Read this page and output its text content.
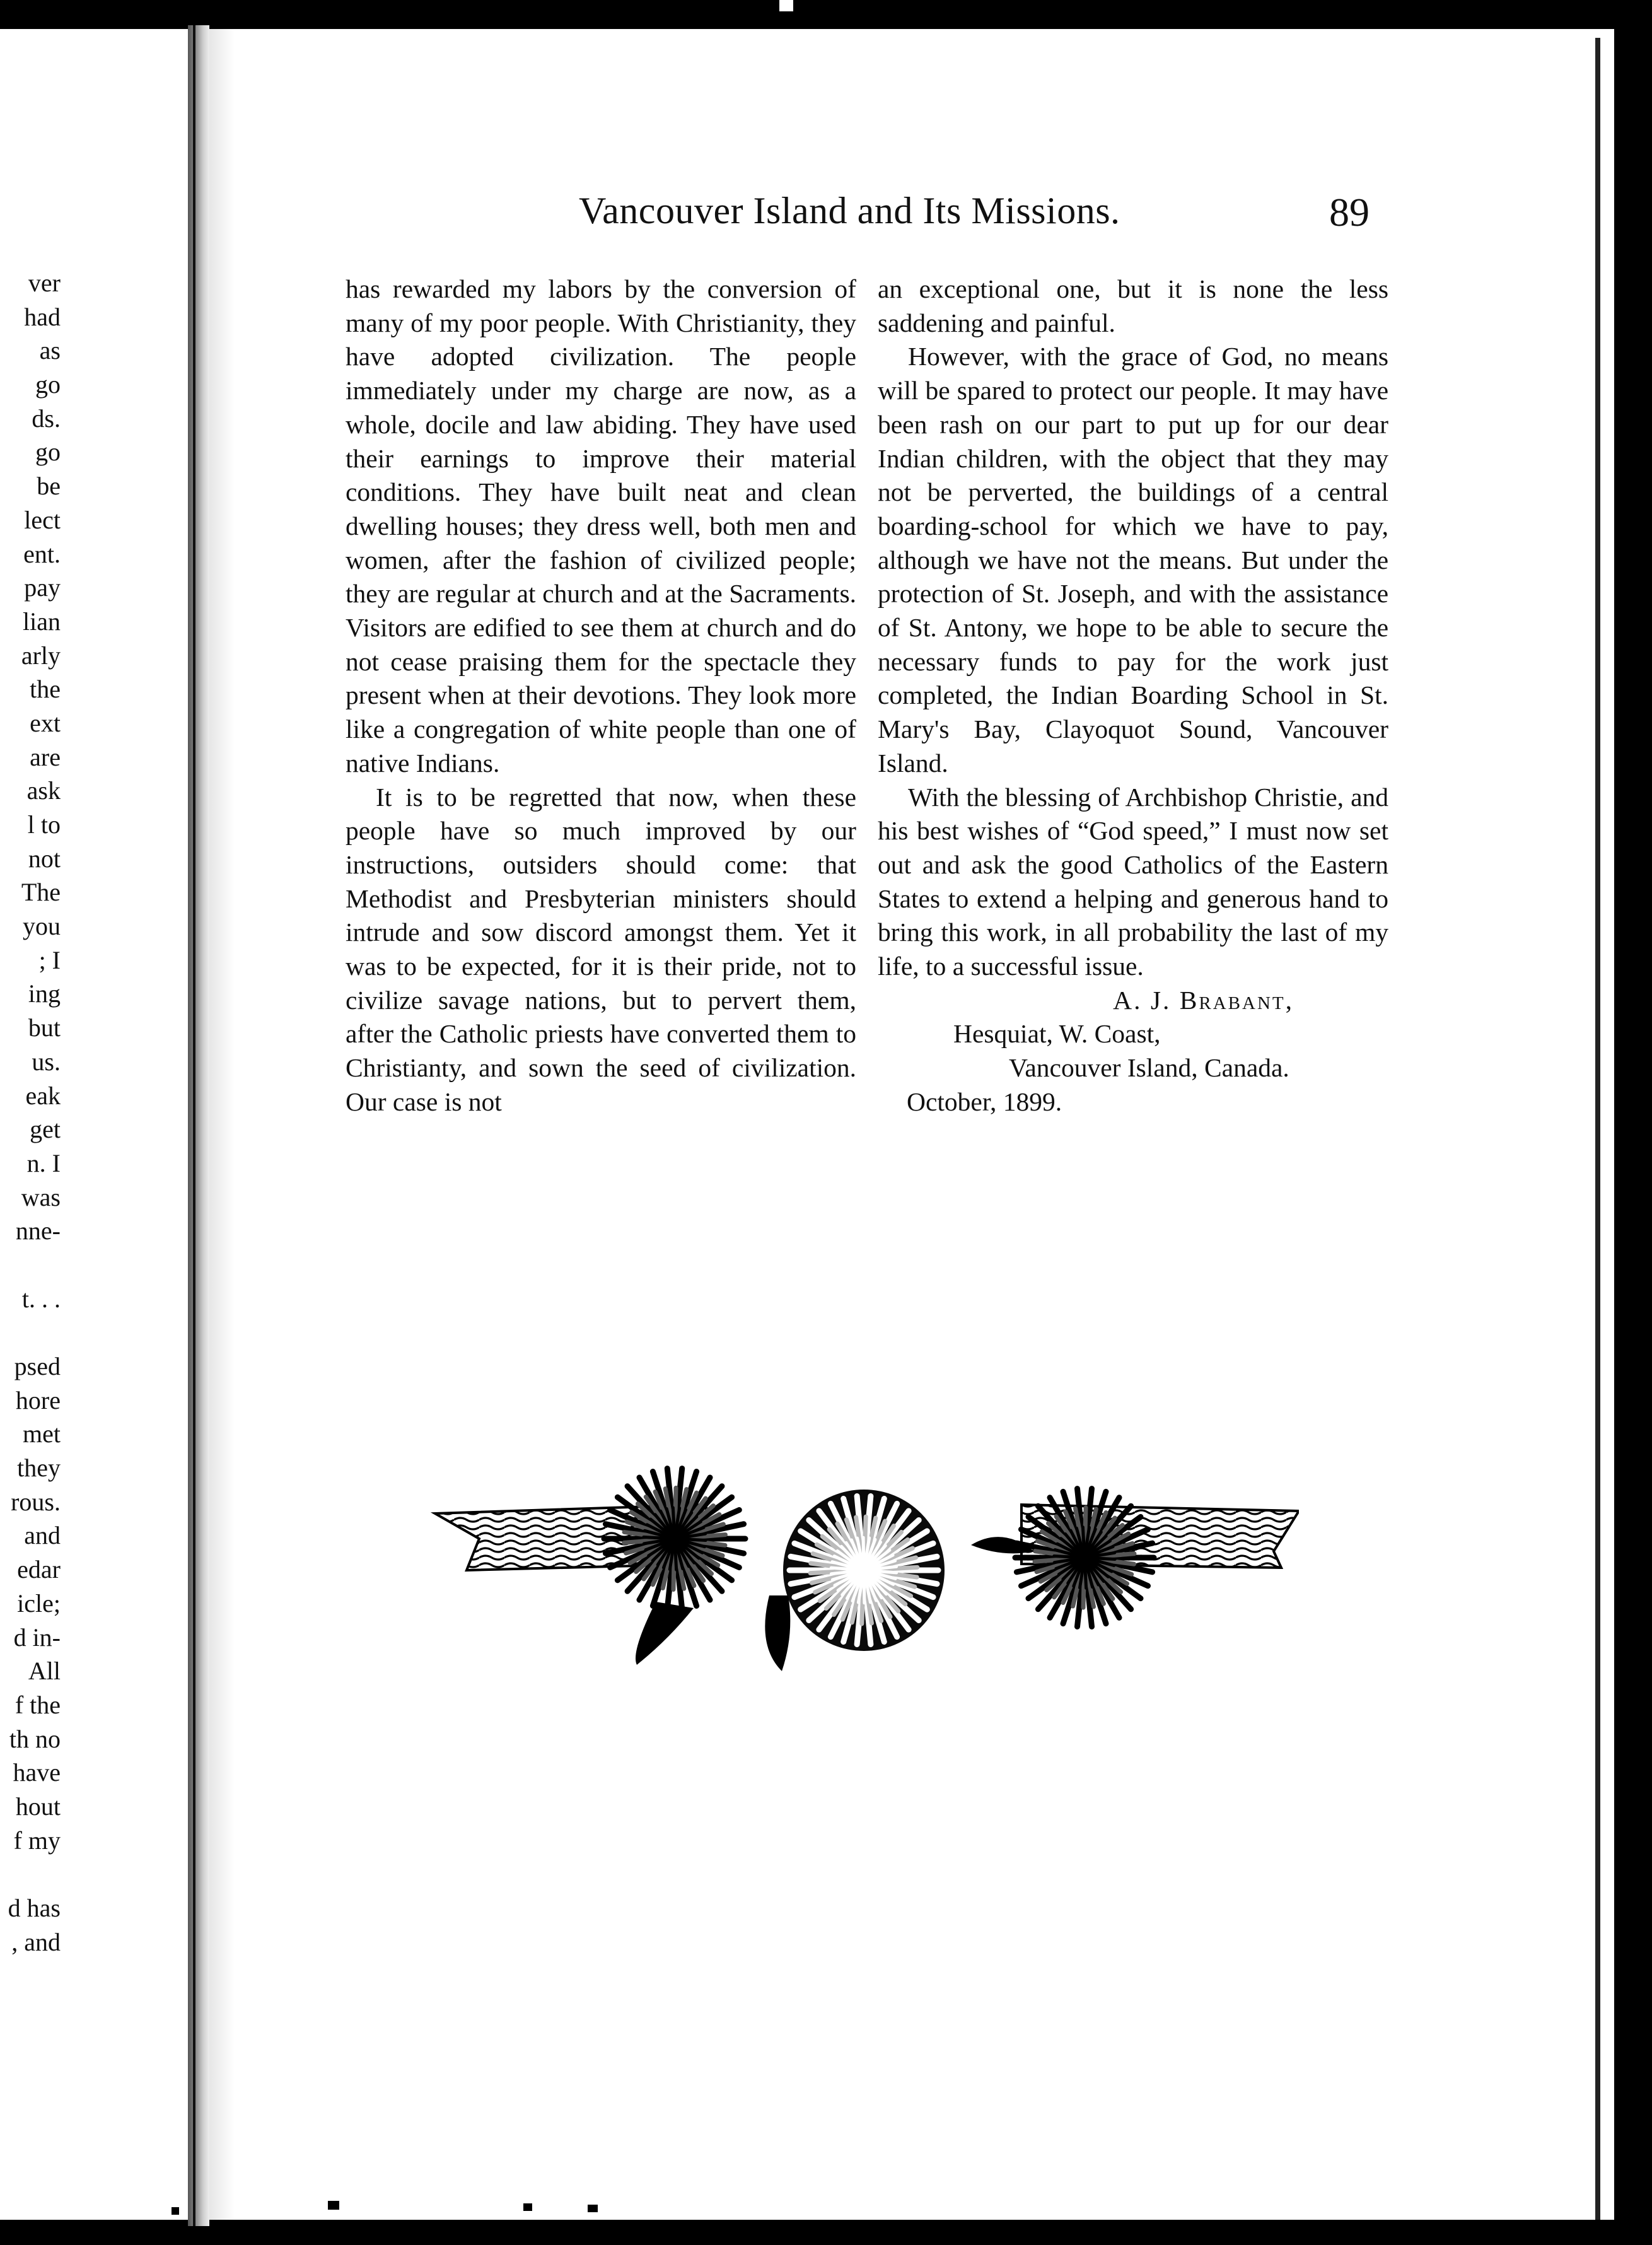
ver
had
as
go
ds.
go
be
lect
ent.
pay
lian
arly
the
ext
are
ask
l to
not
The
you
; I
ing
but
us.
eak
get
n. I
was
nne-
t. . .
psed
hore
met
they
rous.
and
edar
icle;
d in-
All
f the
th no
have
hout
f my
d has
, and
Vancouver Island and Its Missions.	89

has rewarded my labors by the conversion of many of my poor people. With Christianity, they have adopted civilization. The people immediately under my charge are now, as a whole, docile and law abiding. They have used their earnings to improve their material conditions. They have built neat and clean dwelling houses; they dress well, both men and women, after the fashion of civilized people; they are regular at church and at the Sacraments. Visitors are edified to see them at church and do not cease praising them for the spectacle they present when at their devotions. They look more like a congregation of white people than one of native Indians.

It is to be regretted that now, when these people have so much improved by our instructions, outsiders should come: that Methodist and Presbyterian ministers should intrude and sow discord amongst them. Yet it was to be expected, for it is their pride, not to civilize savage nations, but to pervert them, after the Catholic priests have converted them to Christianty, and sown the seed of civilization. Our case is not

an exceptional one, but it is none the less saddening and painful.

However, with the grace of God, no means will be spared to protect our people. It may have been rash on our part to put up for our dear Indian children, with the object that they may not be perverted, the buildings of a central boarding-school for which we have to pay, although we have not the means. But under the protection of St. Joseph, and with the assistance of St. Antony, we hope to be able to secure the necessary funds to pay for the work just completed, the Indian Boarding School in St. Mary's Bay, Clayoquot Sound, Vancouver Island.

With the blessing of Archbishop Christie, and his best wishes of “God speed,” I must now set out and ask the good Catholics of the Eastern States to extend a helping and generous hand to bring this work, in all probability the last of my life, to a successful issue.

A. J. Brabant,

Hesquiat, W. Coast,

Vancouver Island, Canada.

October, 1899.
